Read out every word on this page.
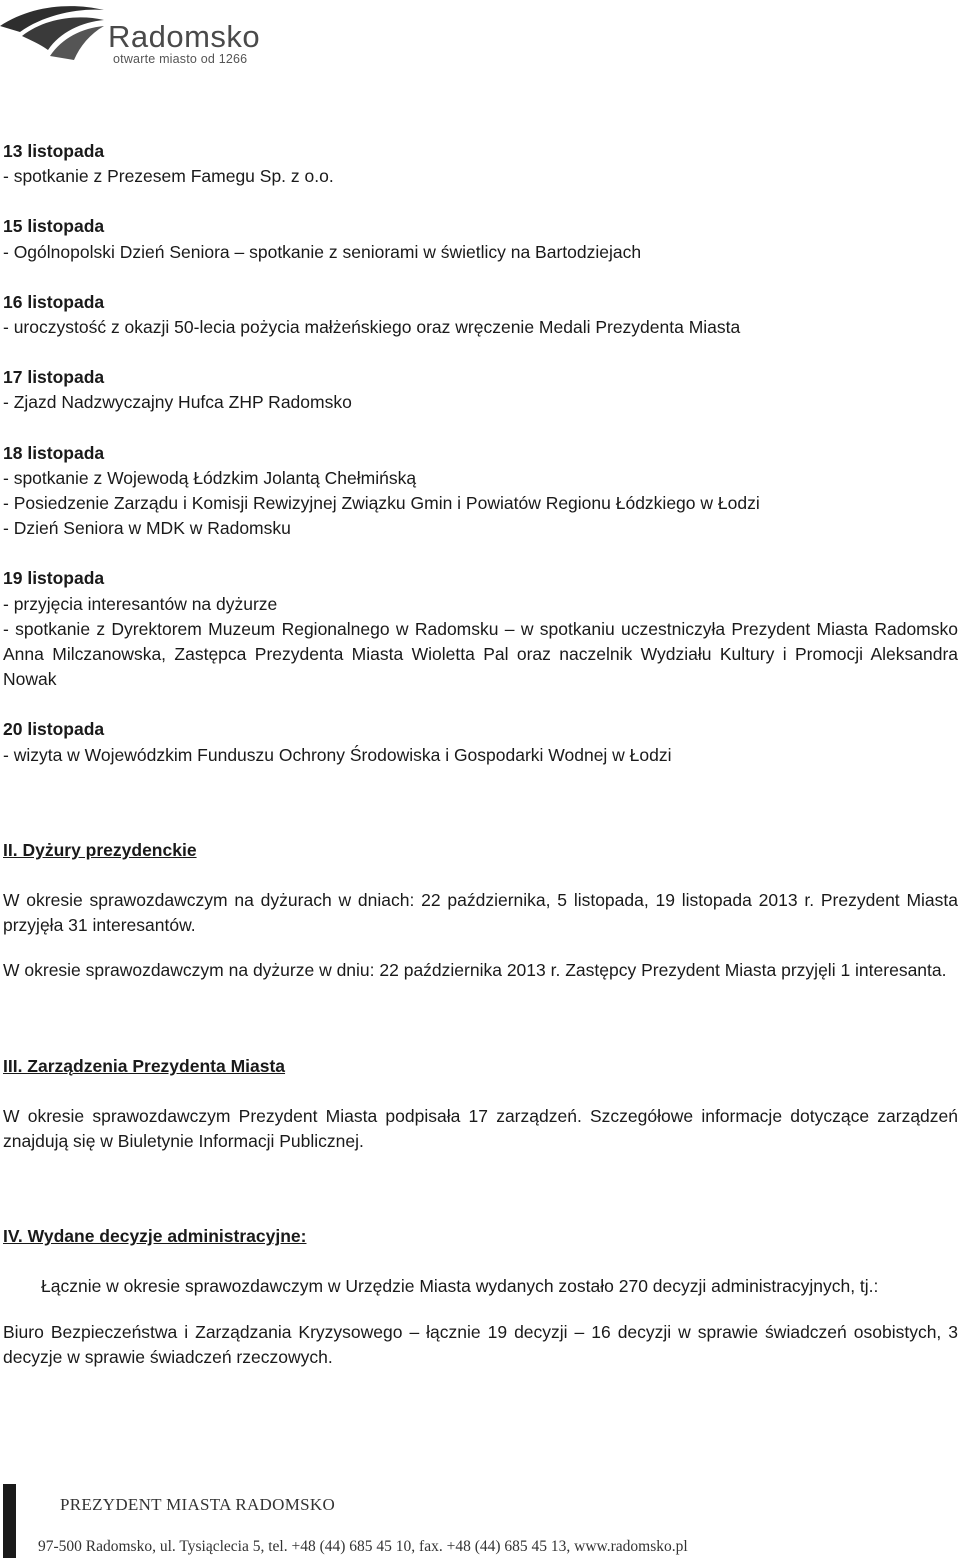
Radomsko
otwarte miasto od 1266

13 listopada

- spotkanie z Prezesem Famegu Sp. z o.o.

15 listopada

- Ogólnopolski Dzień Seniora – spotkanie z seniorami w świetlicy na Bartodziejach

16 listopada

- uroczystość z okazji 50-lecia pożycia małżeńskiego oraz wręczenie Medali Prezydenta Miasta

17 listopada

- Zjazd Nadzwyczajny Hufca ZHP Radomsko

18 listopada

- spotkanie z Wojewodą Łódzkim Jolantą Chełmińską

- Posiedzenie Zarządu i Komisji Rewizyjnej Związku Gmin i Powiatów Regionu Łódzkiego w Łodzi

- Dzień Seniora w MDK w Radomsku

19 listopada

- przyjęcia interesantów na dyżurze

- spotkanie z Dyrektorem Muzeum Regionalnego w Radomsku – w spotkaniu uczestniczyła Prezydent Miasta Radomsko Anna Milczanowska, Zastępca Prezydenta Miasta Wioletta Pal oraz naczelnik Wydziału Kultury i Promocji Aleksandra Nowak

20 listopada

- wizyta w Wojewódzkim Funduszu Ochrony Środowiska i Gospodarki Wodnej w Łodzi

II. Dyżury prezydenckie

W okresie sprawozdawczym na dyżurach w dniach: 22 października, 5 listopada, 19 listopada 2013 r. Prezydent Miasta przyjęła 31 interesantów.

W okresie sprawozdawczym na dyżurze w dniu: 22 października 2013 r. Zastępcy Prezydent Miasta przyjęli 1 interesanta.

III. Zarządzenia Prezydenta Miasta

W okresie sprawozdawczym Prezydent Miasta podpisała 17 zarządzeń. Szczegółowe informacje dotyczące zarządzeń znajdują się w Biuletynie Informacji Publicznej.

IV. Wydane decyzje administracyjne:

Łącznie w okresie sprawozdawczym w Urzędzie Miasta wydanych zostało 270 decyzji administracyjnych, tj.:

Biuro Bezpieczeństwa i Zarządzania Kryzysowego – łącznie 19 decyzji – 16 decyzji w sprawie świadczeń osobistych, 3 decyzje w sprawie świadczeń rzeczowych.

PREZYDENT MIASTA RADOMSKO
97-500 Radomsko, ul. Tysiąclecia 5, tel. +48 (44) 685 45 10, fax. +48 (44) 685 45 13, www.radomsko.pl
